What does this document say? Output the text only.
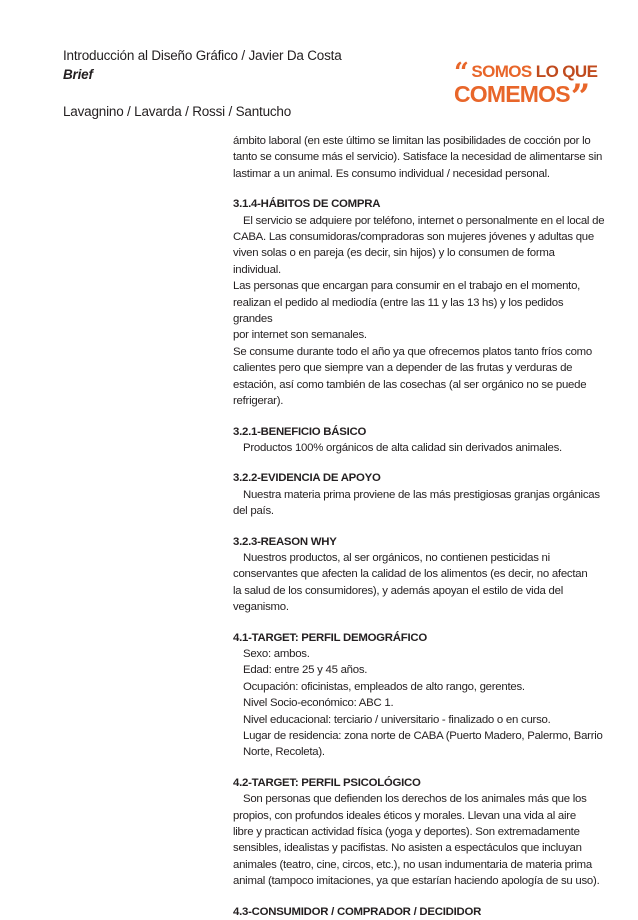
Introducción al Diseño Gráfico / Javier Da Costa
Brief
Lavagnino / Lavarda / Rossi / Santucho
“ SOMOS LO QUE
COMEMOS”

ámbito laboral (en este último se limitan las posibilidades de cocción por lo
tanto se consume más el servicio). Satisface la necesidad de alimentarse sin
lastimar a un animal. Es consumo individual / necesidad personal.

3.1.4-HÁBITOS DE COMPRA

El servicio se adquiere por teléfono, internet o personalmente en el local de
CABA. Las consumidoras/compradoras son mujeres jóvenes y adultas que
viven solas o en pareja (es decir, sin hijos) y lo consumen de forma individual.
Las personas que encargan para consumir en el trabajo en el momento,
realizan el pedido al mediodía (entre las 11 y las 13 hs) y los pedidos grandes
por internet son semanales.
Se consume durante todo el año ya que ofrecemos platos tanto fríos como
calientes pero que siempre van a depender de las frutas y verduras de
estación, así como también de las cosechas (al ser orgánico no se puede
refrigerar).

3.2.1-BENEFICIO BÁSICO

Productos 100% orgánicos de alta calidad sin derivados animales.

3.2.2-EVIDENCIA DE APOYO

Nuestra materia prima proviene de las más prestigiosas granjas orgánicas
del país.

3.2.3-REASON WHY

Nuestros productos, al ser orgánicos, no contienen pesticidas ni
conservantes que afecten la calidad de los alimentos (es decir, no afectan
la salud de los consumidores), y además apoyan el estilo de vida del
veganismo.

4.1-TARGET: PERFIL DEMOGRÁFICO
Sexo: ambos.
Edad: entre 25 y 45 años.
Ocupación: oficinistas, empleados de alto rango, gerentes.
Nivel Socio-económico: ABC 1.
Nivel educacional: terciario / universitario - finalizado o en curso.
Lugar de residencia: zona norte de CABA (Puerto Madero, Palermo, Barrio
Norte, Recoleta).
4.2-TARGET: PERFIL PSICOLÓGICO

Son personas que defienden los derechos de los animales más que los
propios, con profundos ideales éticos y morales. Llevan una vida al aire
libre y practican actividad física (yoga y deportes). Son extremadamente
sensibles, idealistas y pacifistas. No asisten a espectáculos que incluyan
animales (teatro, cine, circos, etc.), no usan indumentaria de materia prima
animal (tampoco imitaciones, ya que estarían haciendo apología de su uso).

4.3-CONSUMIDOR / COMPRADOR / DECIDIDOR
